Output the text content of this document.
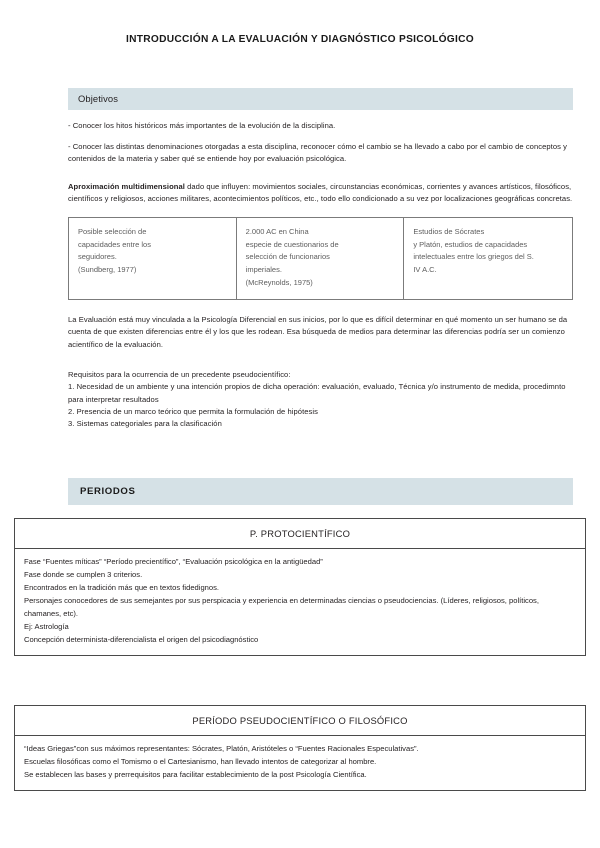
INTRODUCCIÓN A LA EVALUACIÓN Y DIAGNÓSTICO PSICOLÓGICO
Objetivos
- Conocer los hitos históricos más importantes de la evolución de la disciplina.
- Conocer las distintas denominaciones otorgadas a esta disciplina, reconocer cómo el cambio se ha llevado a cabo por el cambio de conceptos y contenidos de la materia y saber qué se entiende hoy por evaluación psicológica.
Aproximación multidimensional dado que influyen: movimientos sociales, circunstancias económicas, corrientes y avances artísticos, filosóficos, científicos y religiosos, acciones militares, acontecimientos políticos, etc., todo ello condicionado a su vez por localizaciones geográficas concretas.
Posible selección de
capacidades entre los
seguidores.
(Sundberg, 1977)
2.000 AC en China
especie de cuestionarios de
selección de funcionarios
imperiales.
(McReynolds, 1975)
Estudios de Sócrates
y Platón, estudios de capacidades
intelectuales entre los griegos del S.
IV A.C.
La Evaluación está muy vinculada a la Psicología Diferencial en sus inicios, por lo que es difícil determinar en qué momento un ser humano se da cuenta de que existen diferencias entre él y los que les rodean. Esa búsqueda de medios para determinar las diferencias podría ser un comienzo acientífico de la evaluación.
Requisitos para la ocurrencia de un precedente pseudocientífico:
1. Necesidad de un ambiente y una intención propios de dicha operación: evaluación, evaluado, Técnica y/o instrumento de medida, procedimnto para interpretar resultados
2. Presencia de un marco teórico que permita la formulación de hipótesis
3. Sistemas categoriales para la clasificación
PERIODOS
P. PROTOCIENTÍFICO
Fase “Fuentes míticas” “Período precientífico”, “Evaluación psicológica en la antigüedad”
Fase donde se cumplen 3 criterios.
Encontrados en la tradición más que en textos fidedignos.
Personajes conocedores de sus semejantes por sus perspicacia y experiencia en determinadas ciencias o pseudociencias. (Líderes, religiosos, políticos, chamanes, etc).
Ej: Astrología
Concepción determinista-diferencialista el origen del psicodiagnóstico
PERÍODO PSEUDOCIENTÍFICO O FILOSÓFICO
“Ideas Griegas”con sus máximos representantes: Sócrates, Platón, Aristóteles o “Fuentes Racionales Especulativas”.
Escuelas filosóficas como el Tomismo o el Cartesianismo, han llevado intentos de categorizar al hombre.
Se establecen las bases y prerrequisitos para facilitar establecimiento de la post Psicología Científica.
